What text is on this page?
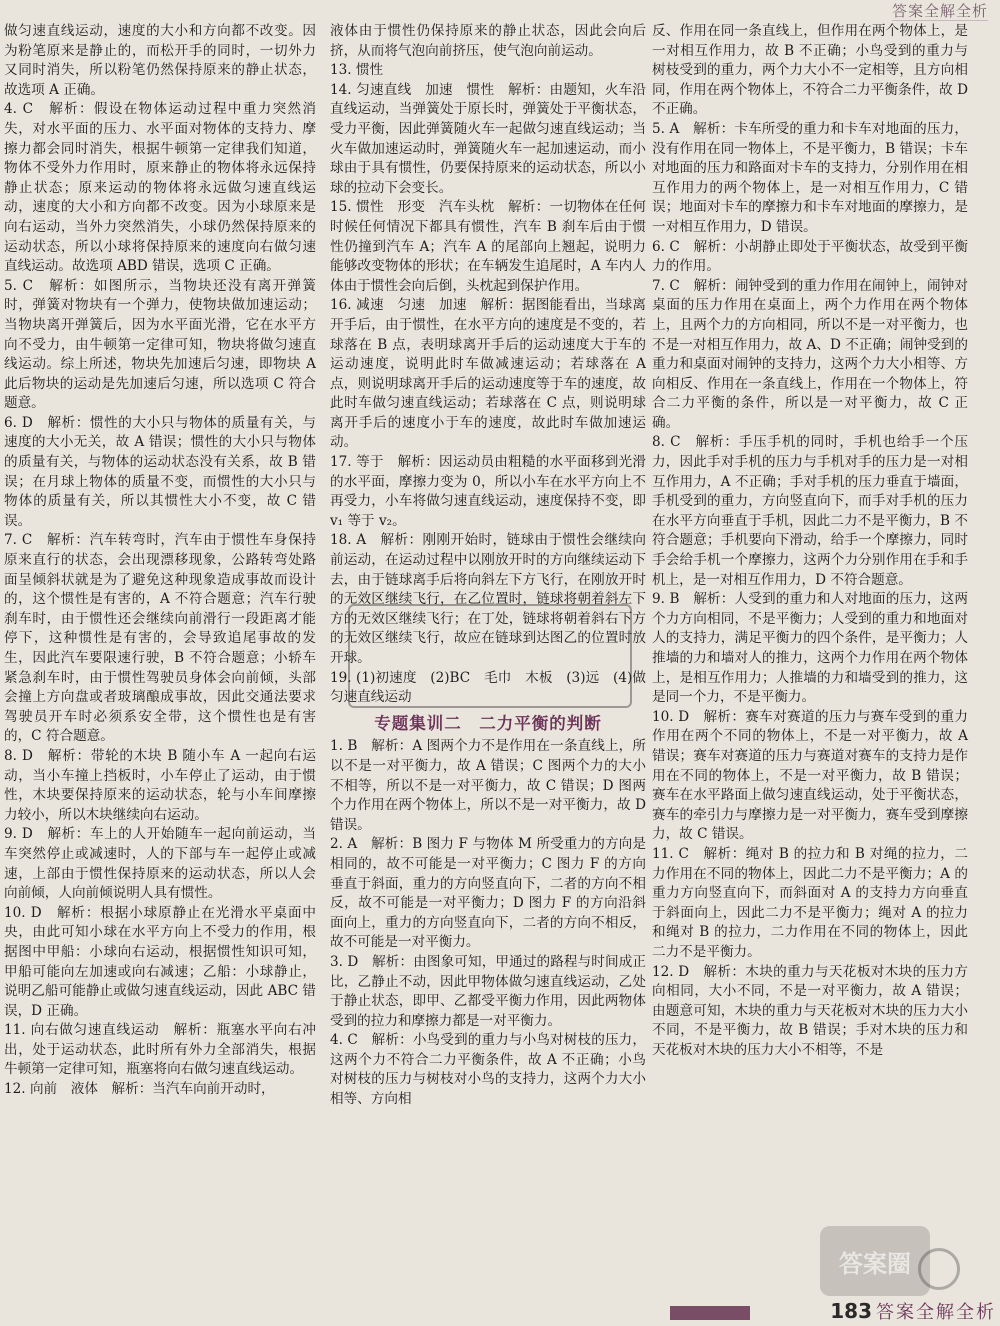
答案全解全析

做匀速直线运动，速度的大小和方向都不改变。因为粉笔原来是静止的，而松开手的同时，一切外力又同时消失，所以粉笔仍然保持原来的静止状态，故选项 A 正确。

4. C　解析：假设在物体运动过程中重力突然消失，对水平面的压力、水平面对物体的支持力、摩擦力都会同时消失，根据牛顿第一定律我们知道，物体不受外力作用时，原来静止的物体将永远保持静止状态；原来运动的物体将永远做匀速直线运动，速度的大小和方向都不改变。因为小球原来是向右运动，当外力突然消失，小球仍然保持原来的运动状态，所以小球将保持原来的速度向右做匀速直线运动。故选项 ABD 错误，选项 C 正确。

5. C　解析：如图所示，当物块还没有离开弹簧时，弹簧对物块有一个弹力，使物块做加速运动；当物块离开弹簧后，因为水平面光滑，它在水平方向不受力，由牛顿第一定律可知，物块将做匀速直线运动。综上所述，物块先加速后匀速，即物块 A 此后物块的运动是先加速后匀速，所以选项 C 符合题意。

6. D　解析：惯性的大小只与物体的质量有关，与速度的大小无关，故 A 错误；惯性的大小只与物体的质量有关，与物体的运动状态没有关系，故 B 错误；在月球上物体的质量不变，而惯性的大小只与物体的质量有关，所以其惯性大小不变，故 C 错误。

7. C　解析：汽车转弯时，汽车由于惯性车身保持原来直行的状态，会出现漂移现象，公路转弯处路面呈倾斜状就是为了避免这种现象造成事故而设计的，这个惯性是有害的，A 不符合题意；汽车行驶刹车时，由于惯性还会继续向前滑行一段距离才能停下，这种惯性是有害的，会导致追尾事故的发生，因此汽车要限速行驶，B 不符合题意；小轿车紧急刹车时，由于惯性驾驶员身体会向前倾，头部会撞上方向盘或者玻璃酿成事故，因此交通法要求驾驶员开车时必须系安全带，这个惯性也是有害的，C 符合题意。

8. D　解析：带轮的木块 B 随小车 A 一起向右运动，当小车撞上挡板时，小车停止了运动，由于惯性，木块要保持原来的运动状态，轮与小车间摩擦力较小，所以木块继续向右运动。

9. D　解析：车上的人开始随车一起向前运动，当车突然停止或减速时，人的下部与车一起停止或减速，上部由于惯性保持原来的运动状态，所以人会向前倾，人向前倾说明人具有惯性。

10. D　解析：根据小球原静止在光滑水平桌面中央，由此可知小球在水平方向上不受力的作用，根据图中甲船：小球向右运动，根据惯性知识可知，甲船可能向左加速或向右减速；乙船：小球静止，说明乙船可能静止或做匀速直线运动，因此 ABC 错误，D 正确。

11. 向右做匀速直线运动　解析：瓶塞水平向右冲出，处于运动状态，此时所有外力全部消失，根据牛顿第一定律可知，瓶塞将向右做匀速直线运动。

12. 向前　液体　解析：当汽车向前开动时，

液体由于惯性仍保持原来的静止状态，因此会向后挤，从而将气泡向前挤压，使气泡向前运动。

13. 惯性

14. 匀速直线　加速　惯性　解析：由题知，火车沿直线运动，当弹簧处于原长时，弹簧处于平衡状态，受力平衡，因此弹簧随火车一起做匀速直线运动；当火车做加速运动时，弹簧随火车一起加速运动，而小球由于具有惯性，仍要保持原来的运动状态，所以小球的拉动下会变长。

15. 惯性　形变　汽车头枕　解析：一切物体在任何时候任何情况下都具有惯性，汽车 B 刹车后由于惯性仍撞到汽车 A；汽车 A 的尾部向上翘起，说明力能够改变物体的形状；在车辆发生追尾时，A 车内人体由于惯性会向后倒，头枕起到保护作用。

16. 减速　匀速　加速　解析：据图能看出，当球离开手后，由于惯性，在水平方向的速度是不变的，若球落在 B 点，表明球离开手后的运动速度大于车的运动速度，说明此时车做减速运动；若球落在 A 点，则说明球离开手后的运动速度等于车的速度，故此时车做匀速直线运动；若球落在 C 点，则说明球离开手后的速度小于车的速度，故此时车做加速运动。

17. 等于　解析：因运动员由粗糙的水平面移到光滑的水平面，摩擦力变为 0，所以小车在水平方向上不再受力，小车将做匀速直线运动，速度保持不变，即 v₁ 等于 v₂。

18. A　解析：刚刚开始时，链球由于惯性会继续向前运动，在运动过程中以刚放开时的方向继续运动下去，由于链球离手后将向斜左下方飞行，在刚放开时的无效区继续飞行，在乙位置时，链球将朝着斜左下方的无效区继续飞行；在丁处，链球将朝着斜右下方的无效区继续飞行，故应在链球到达图乙的位置时放开球。

19. (1)初速度　(2)BC　毛巾　木板　(3)远　(4)做匀速直线运动

专题集训二　二力平衡的判断

1. B　解析：A 图两个力不是作用在一条直线上，所以不是一对平衡力，故 A 错误；C 图两个力的大小不相等，所以不是一对平衡力，故 C 错误；D 图两个力作用在两个物体上，所以不是一对平衡力，故 D 错误。

2. A　解析：B 图力 F 与物体 M 所受重力的方向是相同的，故不可能是一对平衡力；C 图力 F 的方向垂直于斜面，重力的方向竖直向下，二者的方向不相反，故不可能是一对平衡力；D 图力 F 的方向沿斜面向上，重力的方向竖直向下，二者的方向不相反，故不可能是一对平衡力。

3. D　解析：由图象可知，甲通过的路程与时间成正比，乙静止不动，因此甲物体做匀速直线运动，乙处于静止状态，即甲、乙都受平衡力作用，因此两物体受到的拉力和摩擦力都是一对平衡力。

4. C　解析：小鸟受到的重力与小鸟对树枝的压力，这两个力不符合二力平衡条件，故 A 不正确；小鸟对树枝的压力与树枝对小鸟的支持力，这两个力大小相等、方向相

反、作用在同一条直线上，但作用在两个物体上，是一对相互作用力，故 B 不正确；小鸟受到的重力与树枝受到的重力，两个力大小不一定相等，且方向相同，作用在两个物体上，不符合二力平衡条件，故 D 不正确。

5. A　解析：卡车所受的重力和卡车对地面的压力，没有作用在同一物体上，不是平衡力，B 错误；卡车对地面的压力和路面对卡车的支持力，分别作用在相互作用力的两个物体上，是一对相互作用力，C 错误；地面对卡车的摩擦力和卡车对地面的摩擦力，是一对相互作用力，D 错误。

6. C　解析：小胡静止即处于平衡状态，故受到平衡力的作用。

7. C　解析：闹钟受到的重力作用在闹钟上，闹钟对桌面的压力作用在桌面上，两个力作用在两个物体上，且两个力的方向相同，所以不是一对平衡力，也不是一对相互作用力，故 A、D 不正确；闹钟受到的重力和桌面对闹钟的支持力，这两个力大小相等、方向相反、作用在一条直线上，作用在一个物体上，符合二力平衡的条件，所以是一对平衡力，故 C 正确。

8. C　解析：手压手机的同时，手机也给手一个压力，因此手对手机的压力与手机对手的压力是一对相互作用力，A 不正确；手对手机的压力垂直于墙面，手机受到的重力，方向竖直向下，而手对手机的压力在水平方向垂直于手机，因此二力不是平衡力，B 不符合题意；手机要向下滑动，给手一个摩擦力，同时手会给手机一个摩擦力，这两个力分别作用在手和手机上，是一对相互作用力，D 不符合题意。

9. B　解析：人受到的重力和人对地面的压力，这两个力方向相同，不是平衡力；人受到的重力和地面对人的支持力，满足平衡力的四个条件，是平衡力；人推墙的力和墙对人的推力，这两个力作用在两个物体上，是相互作用力；人推墙的力和墙受到的推力，这是同一个力，不是平衡力。

10. D　解析：赛车对赛道的压力与赛车受到的重力作用在两个不同的物体上，不是一对平衡力，故 A 错误；赛车对赛道的压力与赛道对赛车的支持力是作用在不同的物体上，不是一对平衡力，故 B 错误；赛车在水平路面上做匀速直线运动，处于平衡状态，赛车的牵引力与摩擦力是一对平衡力，赛车受到摩擦力，故 C 错误。

11. C　解析：绳对 B 的拉力和 B 对绳的拉力，二力作用在不同的物体上，因此二力不是平衡力；A 的重力方向竖直向下，而斜面对 A 的支持力方向垂直于斜面向上，因此二力不是平衡力；绳对 A 的拉力和绳对 B 的拉力，二力作用在不同的物体上，因此二力不是平衡力。

12. D　解析：木块的重力与天花板对木块的压力方向相同，大小不同，不是一对平衡力，故 A 错误；由题意可知，木块的重力与天花板对木块的压力大小不同，不是平衡力，故 B 错误；手对木块的压力和天花板对木块的压力大小不相等，不是

答案圈
183 答案全解全析
